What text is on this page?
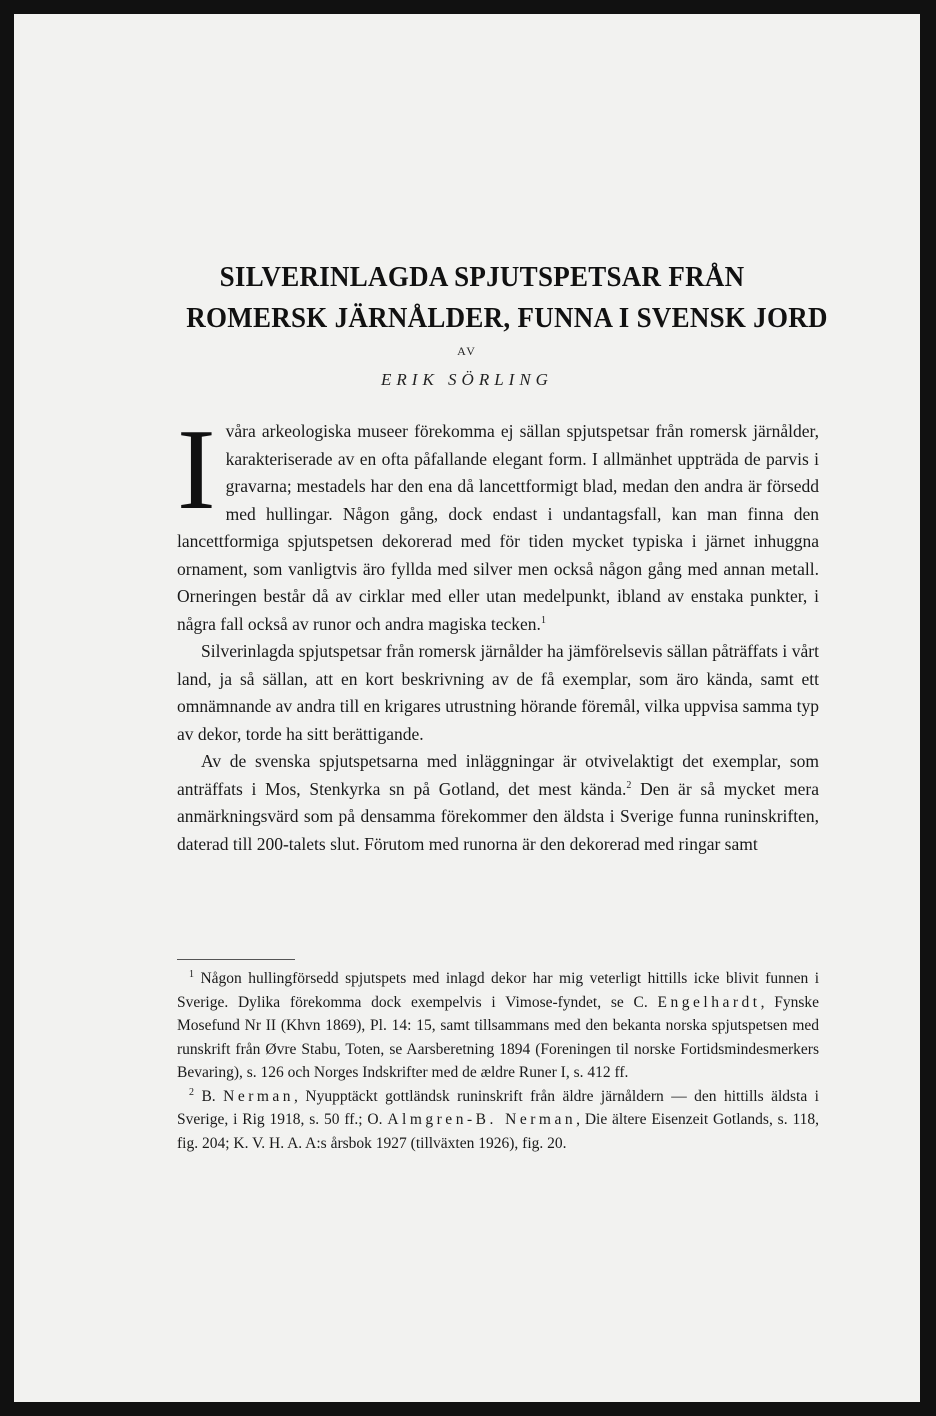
SILVERINLAGDA SPJUTSPETSAR FRÅN
ROMERSK JÄRNÅLDER, FUNNA I SVENSK JORD
AV
ERIK SÖRLING

Ivåra arkeologiska museer förekomma ej sällan spjutspetsar från romersk järnålder, karakteriserade av en ofta påfallande elegant form. I allmänhet uppträda de parvis i gravarna; mestadels har den ena då lancettformigt blad, medan den andra är försedd med hullingar. Någon gång, dock endast i undantagsfall, kan man finna den lancettformiga spjutspetsen dekorerad med för tiden mycket typiska i järnet inhuggna ornament, som vanligtvis äro fyllda med silver men också någon gång med annan metall. Orneringen består då av cirklar med eller utan medelpunkt, ibland av enstaka punkter, i några fall också av runor och andra magiska tecken.$^1$

Silverinlagda spjutspetsar från romersk järnålder ha jämförelsevis sällan påträffats i vårt land, ja så sällan, att en kort beskrivning av de få exemplar, som äro kända, samt ett omnämnande av andra till en krigares utrustning hörande föremål, vilka uppvisa samma typ av dekor, torde ha sitt berättigande.

Av de svenska spjutspetsarna med inläggningar är otvivelaktigt det exemplar, som anträffats i Mos, Stenkyrka sn på Gotland, det mest kända.$^2$ Den är så mycket mera anmärkningsvärd som på densamma förekommer den äldsta i Sverige funna runinskriften, daterad till 200-talets slut. Förutom med runorna är den dekorerad med ringar samt

$^1$ Någon hullingförsedd spjutspets med inlagd dekor har mig veterligt hittills icke blivit funnen i Sverige. Dylika förekomma dock exempelvis i Vimose-fyndet, se C. Engelhardt, Fynske Mosefund Nr II (Khvn 1869), Pl. 14: 15, samt tillsammans med den bekanta norska spjutspetsen med runskrift från Øvre Stabu, Toten, se Aarsberetning 1894 (Foreningen til norske Fortidsmindesmerkers Bevaring), s. 126 och Norges Indskrifter med de ældre Runer I, s. 412 ff.

$^2$ B. Nerman, Nyupptäckt gottländsk runinskrift från äldre järnåldern — den hittills äldsta i Sverige, i Rig 1918, s. 50 ff.; O. Almgren-B. Nerman, Die ältere Eisenzeit Gotlands, s. 118, fig. 204; K. V. H. A. A:s årsbok 1927 (tillväxten 1926), fig. 20.
